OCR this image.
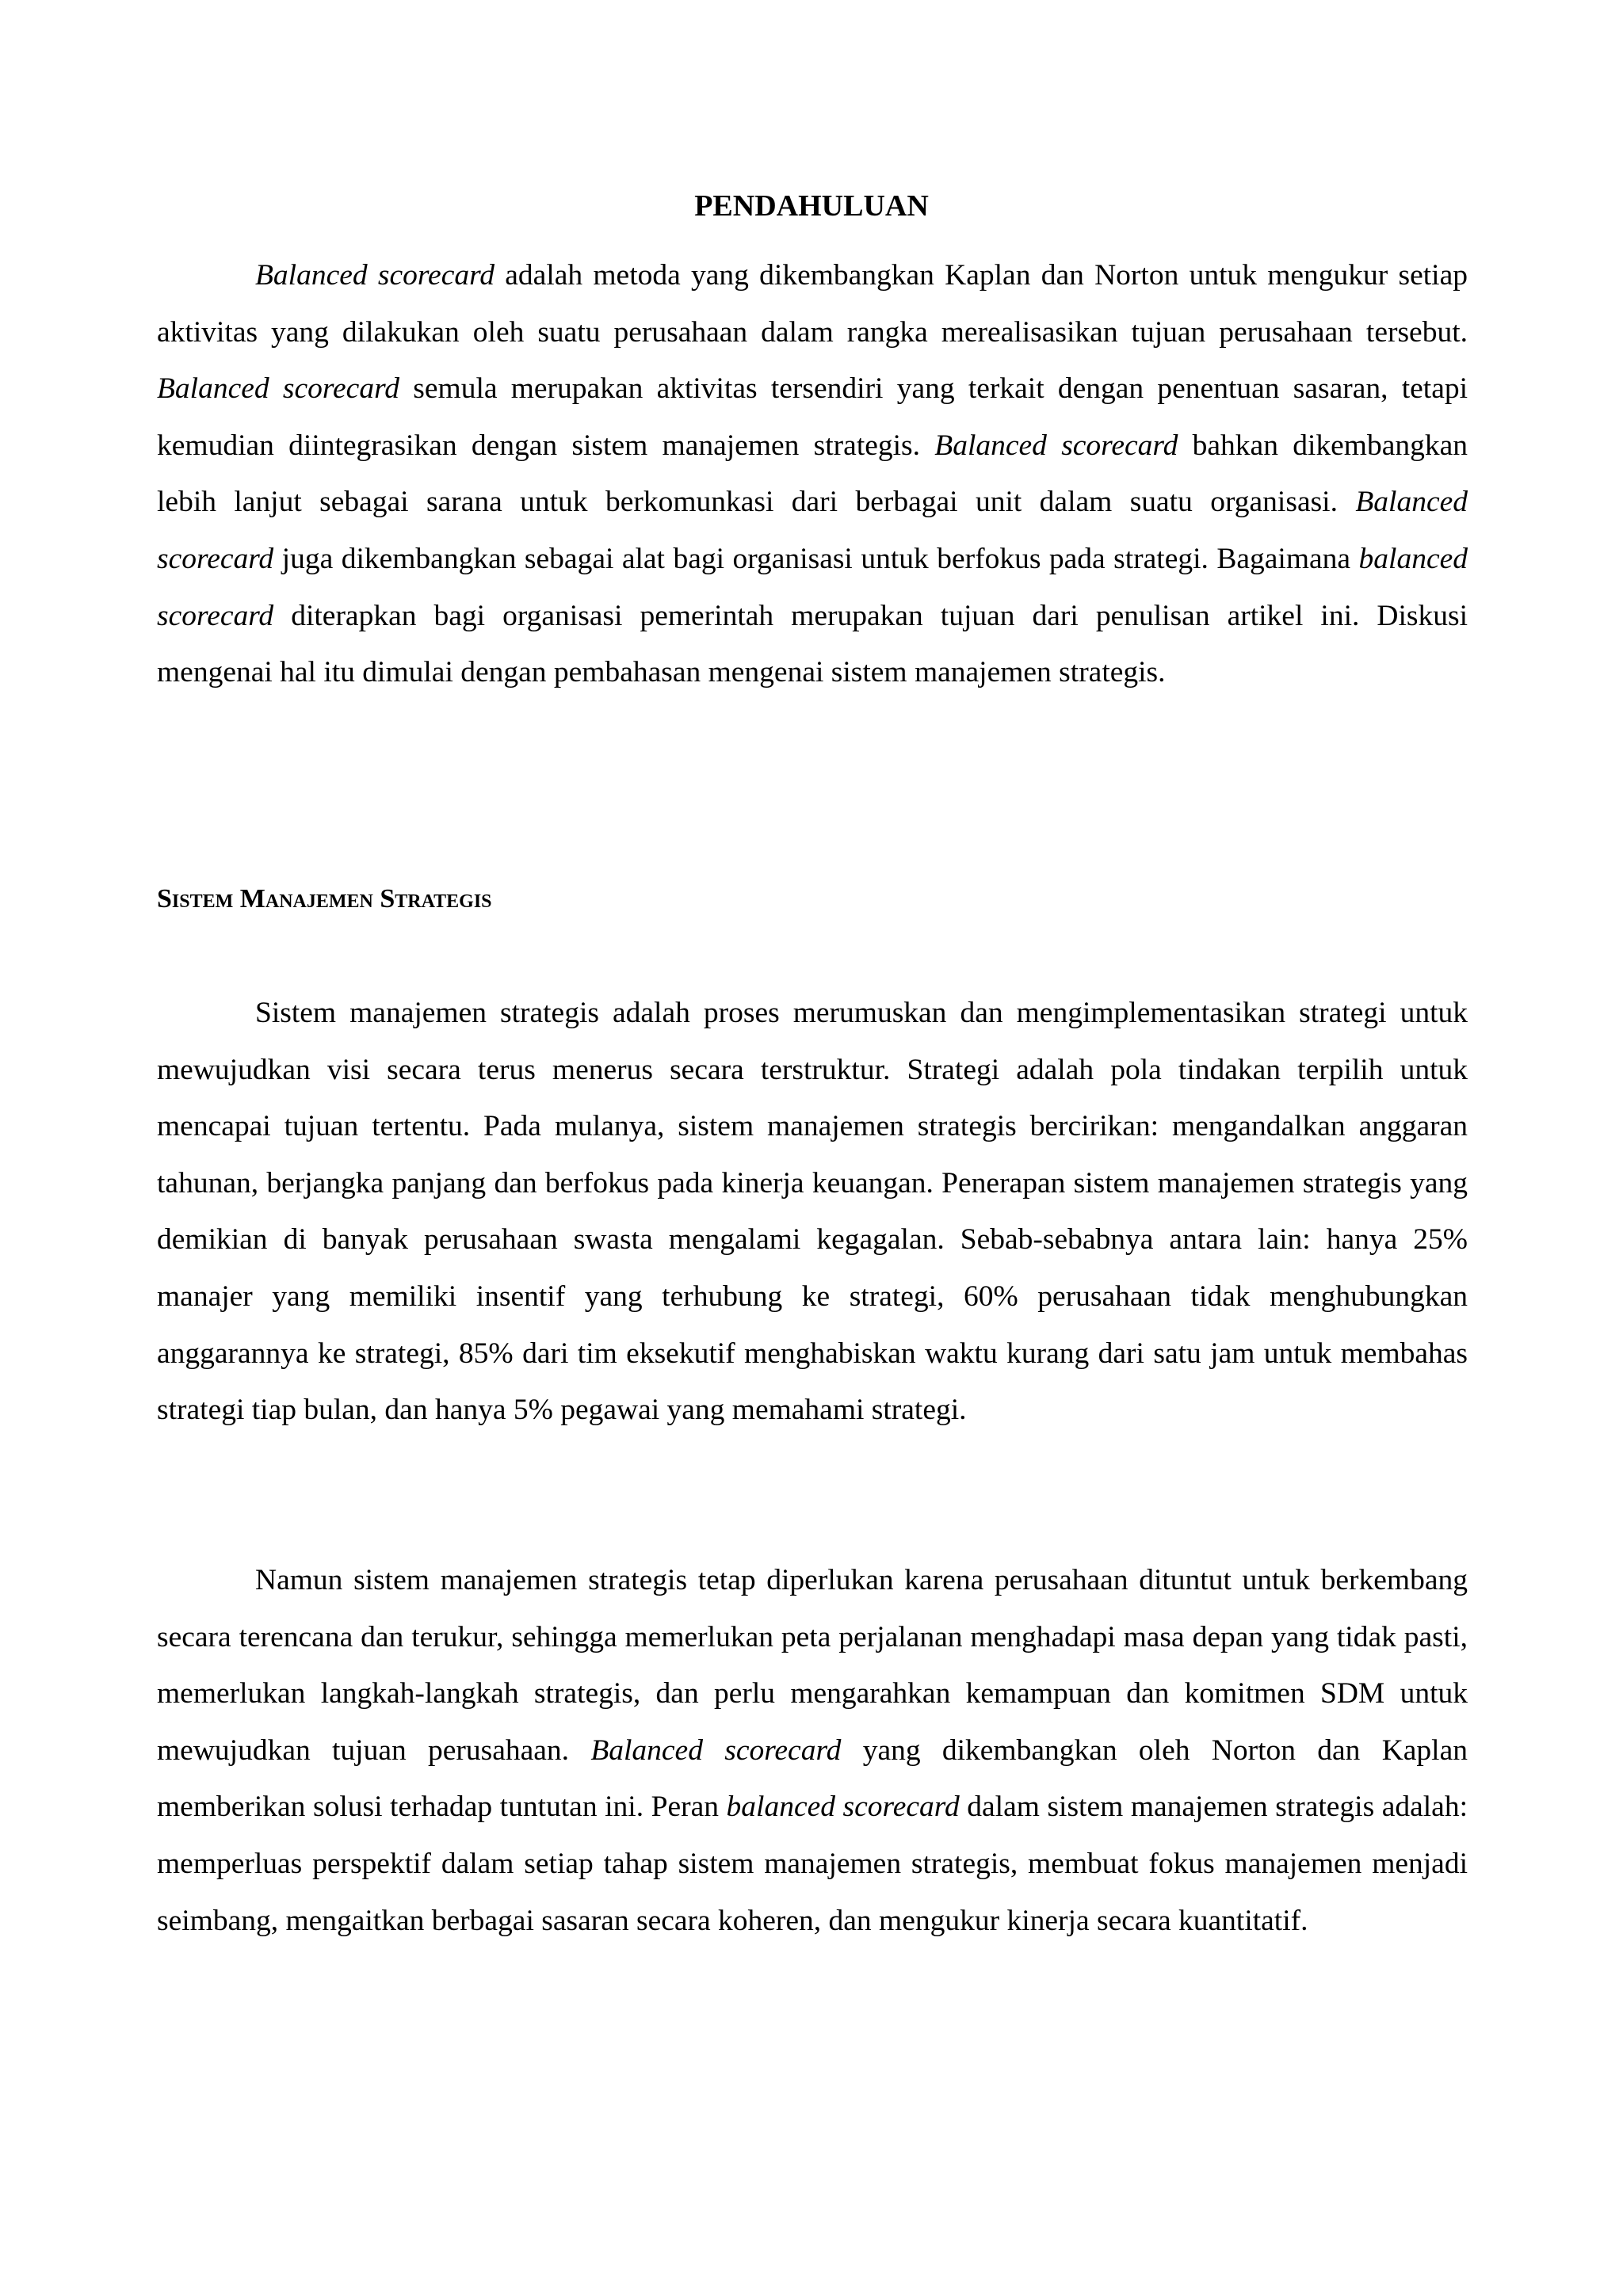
PENDAHULUAN

Balanced scorecard adalah metoda yang dikembangkan Kaplan dan Norton untuk mengukur setiap aktivitas yang dilakukan oleh suatu perusahaan dalam rangka merealisasikan tujuan perusahaan tersebut. Balanced scorecard semula merupakan aktivitas tersendiri yang terkait dengan penentuan sasaran, tetapi kemudian diintegrasikan dengan sistem manajemen strategis. Balanced scorecard bahkan dikembangkan lebih lanjut sebagai sarana untuk berkomunkasi dari berbagai unit dalam suatu organisasi. Balanced scorecard juga dikembangkan sebagai alat bagi organisasi untuk berfokus pada strategi. Bagaimana balanced scorecard diterapkan bagi organisasi pemerintah merupakan tujuan dari penulisan artikel ini. Diskusi mengenai hal itu dimulai dengan pembahasan mengenai sistem manajemen strategis.

Sistem Manajemen Strategis

Sistem manajemen strategis adalah proses merumuskan dan mengimplementasikan strategi untuk mewujudkan visi secara terus menerus secara terstruktur. Strategi adalah pola tindakan terpilih untuk mencapai tujuan tertentu. Pada mulanya, sistem manajemen strategis bercirikan: mengandalkan anggaran tahunan, berjangka panjang dan berfokus pada kinerja keuangan. Penerapan sistem manajemen strategis yang demikian di banyak perusahaan swasta mengalami kegagalan. Sebab-sebabnya antara lain: hanya 25% manajer yang memiliki insentif yang terhubung ke strategi, 60% perusahaan tidak menghubungkan anggarannya ke strategi, 85% dari tim eksekutif menghabiskan waktu kurang dari satu jam untuk membahas strategi tiap bulan, dan hanya 5% pegawai yang memahami strategi.

Namun sistem manajemen strategis tetap diperlukan karena perusahaan dituntut untuk berkembang secara terencana dan terukur, sehingga memerlukan peta perjalanan menghadapi masa depan yang tidak pasti, memerlukan langkah-langkah strategis, dan perlu mengarahkan kemampuan dan komitmen SDM untuk mewujudkan tujuan perusahaan. Balanced scorecard yang dikembangkan oleh Norton dan Kaplan memberikan solusi terhadap tuntutan ini. Peran balanced scorecard dalam sistem manajemen strategis adalah: memperluas perspektif dalam setiap tahap sistem manajemen strategis, membuat fokus manajemen menjadi seimbang, mengaitkan berbagai sasaran secara koheren, dan mengukur kinerja secara kuantitatif.
